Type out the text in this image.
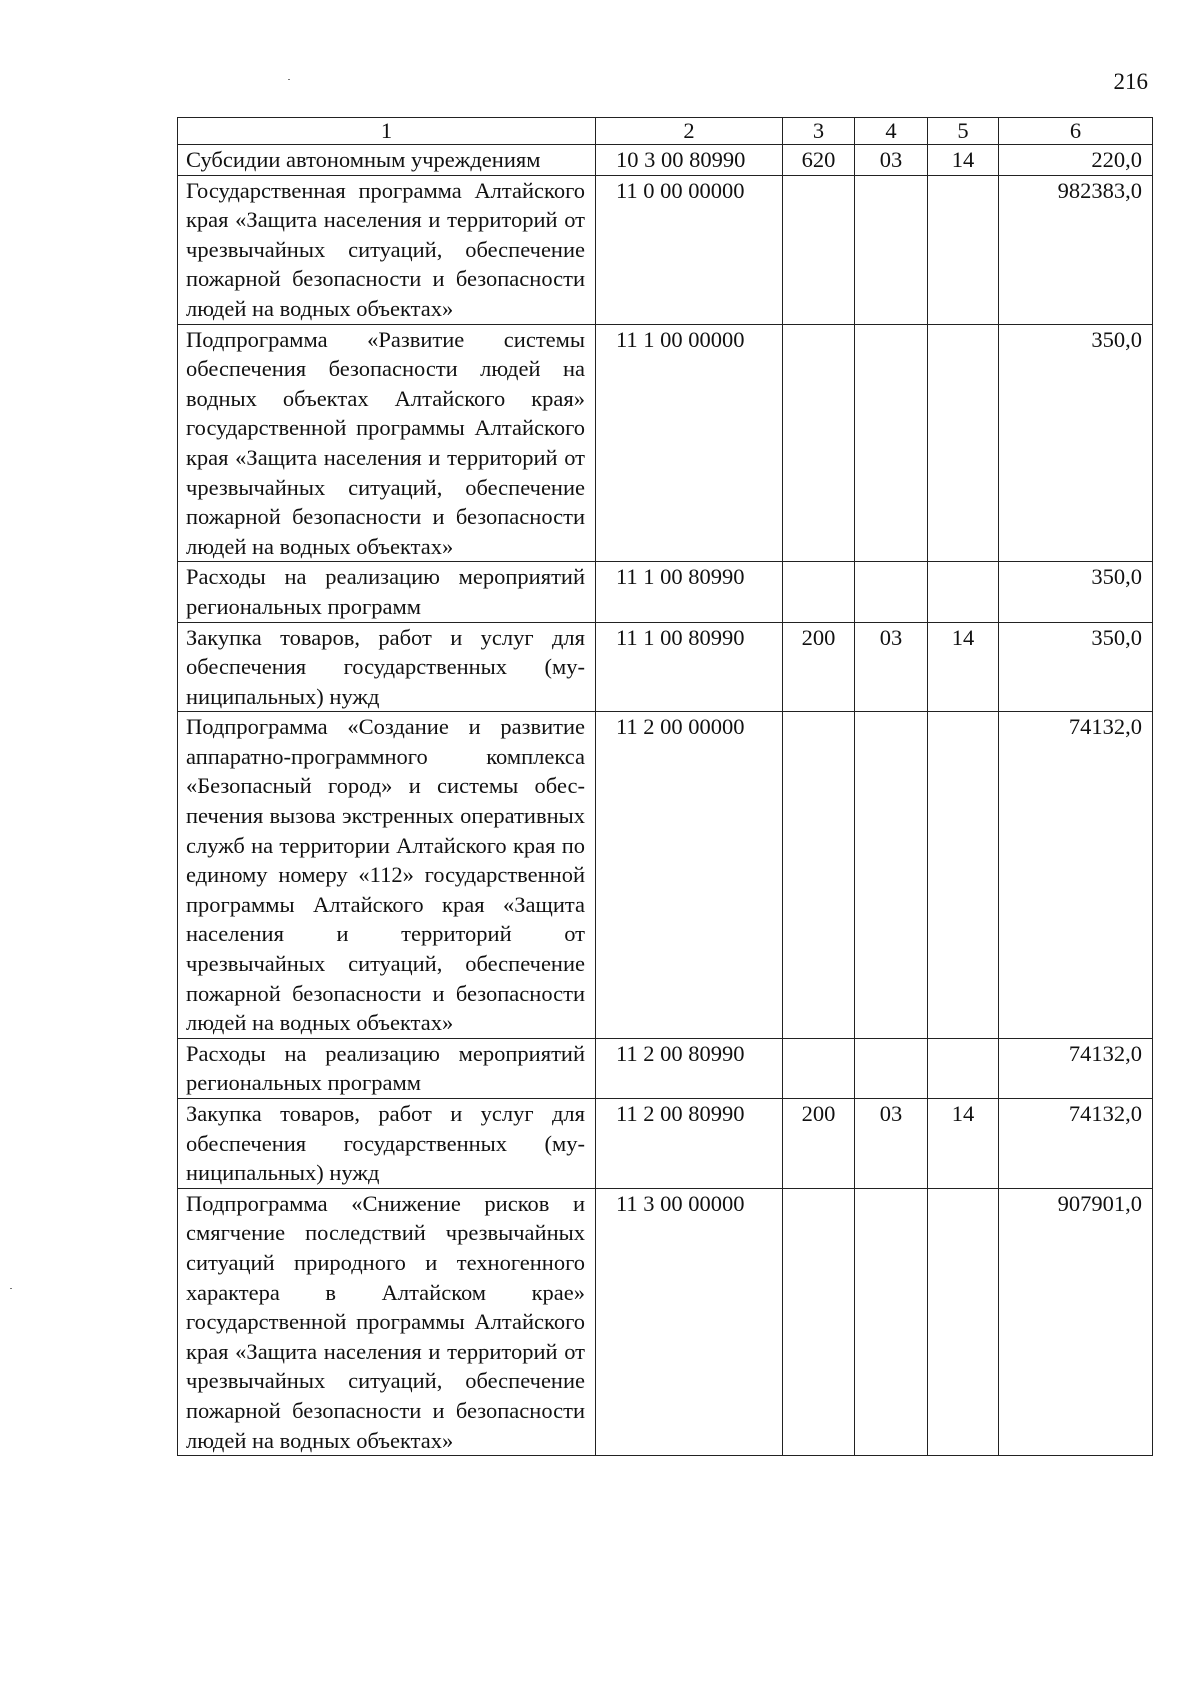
216
1	2	3	4	5	6
Субсидии автономным учреждениям	10 3 00 80990	620	03	14	220,0
Государственная программа Алтайского края «Защита населения и территорий от чрезвычайных ситуаций, обеспечение пожарной безопасности и безопасности людей на водных объектах»	11 0 00 00000				982383,0
Подпрограмма «Развитие системы обеспечения безопасности людей на водных объектах Алтайского края» государственной программы Алтайского края «Защита населения и территорий от чрезвычайных ситуаций, обеспечение пожарной безопасности и безопасности людей на водных объектах»	11 1 00 00000				350,0
Расходы на реализацию мероприятий региональных программ	11 1 00 80990				350,0
Закупка товаров, работ и услуг для обеспечения государственных (муниципальных) нужд	11 1 00 80990	200	03	14	350,0
Подпрограмма «Создание и развитие аппаратно-программного комплекса «Безопасный город» и системы обеспечения вызова экстренных оперативных служб на территории Алтайского края по единому номеру «112» государственной программы Алтайского края «Защита населения и территорий от чрезвычайных ситуаций, обеспечение пожарной безопасности и безопасности людей на водных объектах»	11 2 00 00000				74132,0
Расходы на реализацию мероприятий региональных программ	11 2 00 80990				74132,0
Закупка товаров, работ и услуг для обеспечения государственных (муниципальных) нужд	11 2 00 80990	200	03	14	74132,0
Подпрограмма «Снижение рисков и смягчение последствий чрезвычайных ситуаций природного и техногенного характера в Алтайском крае» государственной программы Алтайского края «Защита населения и территорий от чрезвычайных ситуаций, обеспечение пожарной безопасности и безопасности людей на водных объектах»	11 3 00 00000				907901,0
